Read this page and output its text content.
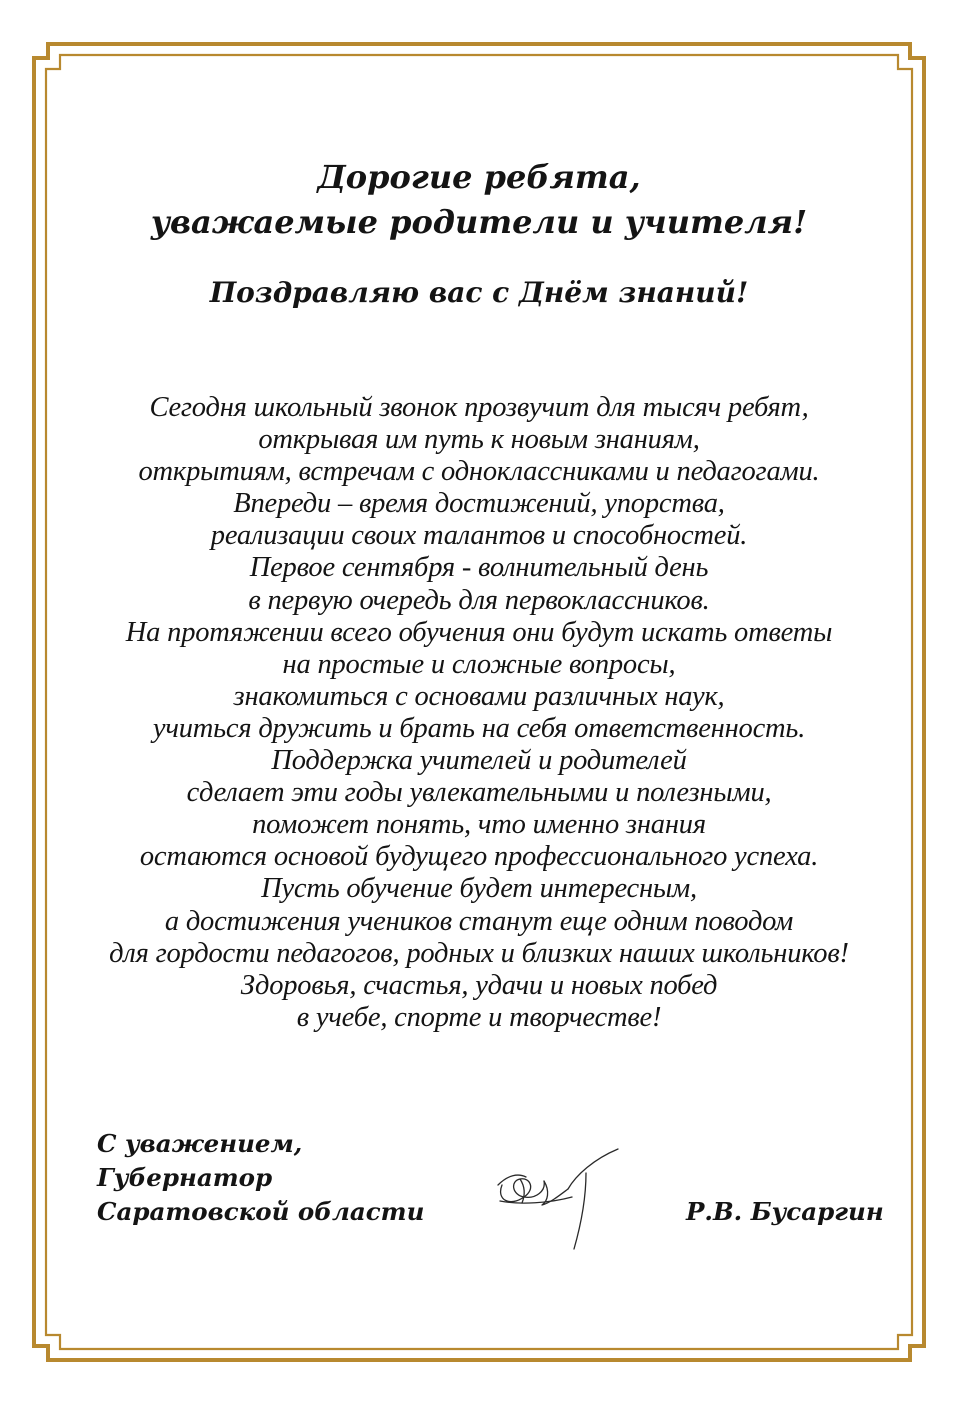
Дорогие ребята,
уважаемые родители и учителя!
Поздравляю вас с Днём знаний!
Сегодня школьный звонок прозвучит для тысяч ребят,
открывая им путь к новым знаниям,
открытиям, встречам с одноклассниками и педагогами.
Впереди – время достижений, упорства,
реализации своих талантов и способностей.
Первое сентября - волнительный день
в первую очередь для первоклассников.
На протяжении всего обучения они будут искать ответы
на простые и сложные вопросы,
знакомиться с основами различных наук,
учиться дружить и брать на себя ответственность.
Поддержка учителей и родителей
сделает эти годы увлекательными и полезными,
поможет понять, что именно знания
остаются основой будущего профессионального успеха.
Пусть обучение будет интересным,
а достижения учеников станут еще одним поводом
для гордости педагогов, родных и близких наших школьников!
Здоровья, счастья, удачи и новых побед
в учебе, спорте и творчестве!
С уважением,
Губернатор
Саратовской области	Р.В. Бусаргин
